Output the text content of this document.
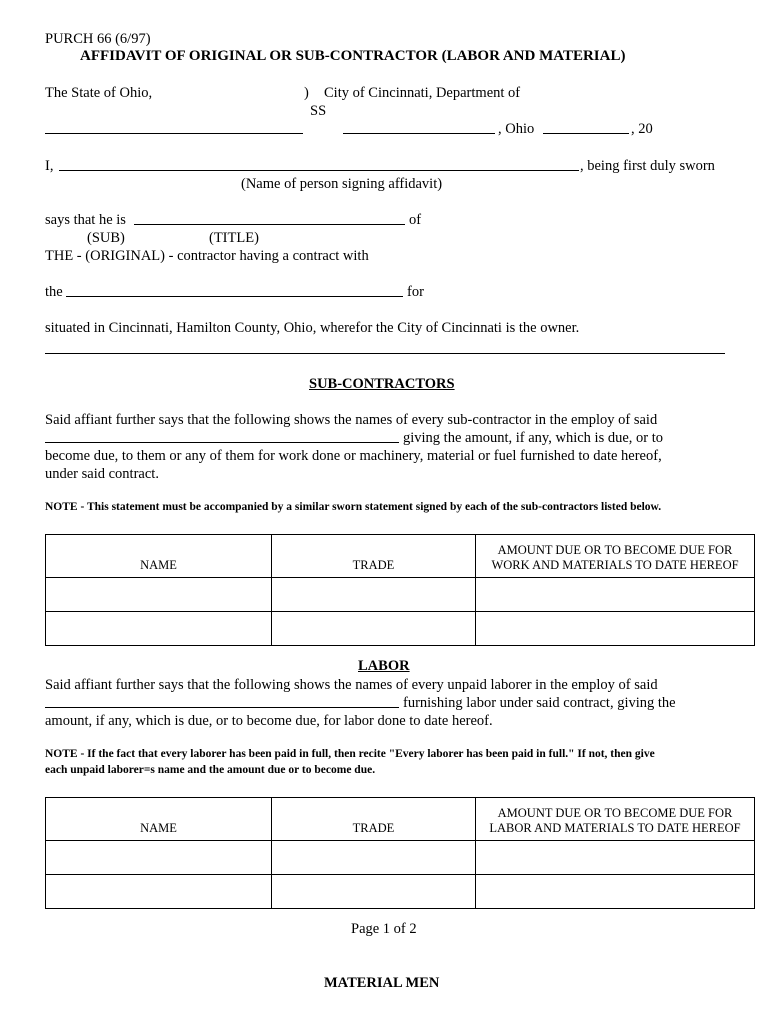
PURCH 66 (6/97)
AFFIDAVIT OF ORIGINAL OR SUB-CONTRACTOR (LABOR AND MATERIAL)
The State of Ohio,	) City of Cincinnati, Department of
SS
, Ohio	, 20
I,	, being first duly sworn
(Name of person signing affidavit)
says that he is	of
(SUB)	(TITLE)
THE - (ORIGINAL) - contractor having a contract with
the	for
situated in Cincinnati, Hamilton County, Ohio, wherefor the City of Cincinnati is the owner.
SUB-CONTRACTORS
Said affiant further says that the following shows the names of every sub-contractor in the employ of said
giving the amount, if any, which is due, or to
become due, to them or any of them for work done or machinery, material or fuel furnished to date hereof,
under said contract.
NOTE - This statement must be accompanied by a similar sworn statement signed by each of the sub-contractors listed below.
NAME	TRADE	AMOUNT DUE OR TO BECOME DUE FOR
WORK AND MATERIALS TO DATE HEREOF

LABOR
Said affiant further says that the following shows the names of every unpaid laborer in the employ of said
furnishing labor under said contract, giving the
amount, if any, which is due, or to become due, for labor done to date hereof.
NOTE - If the fact that every laborer has been paid in full, then recite "Every laborer has been paid in full." If not, then give
each unpaid laborer=s name and the amount due or to become due.
NAME	TRADE	AMOUNT DUE OR TO BECOME DUE FOR
LABOR AND MATERIALS TO DATE HEREOF

Page 1 of 2
MATERIAL MEN
